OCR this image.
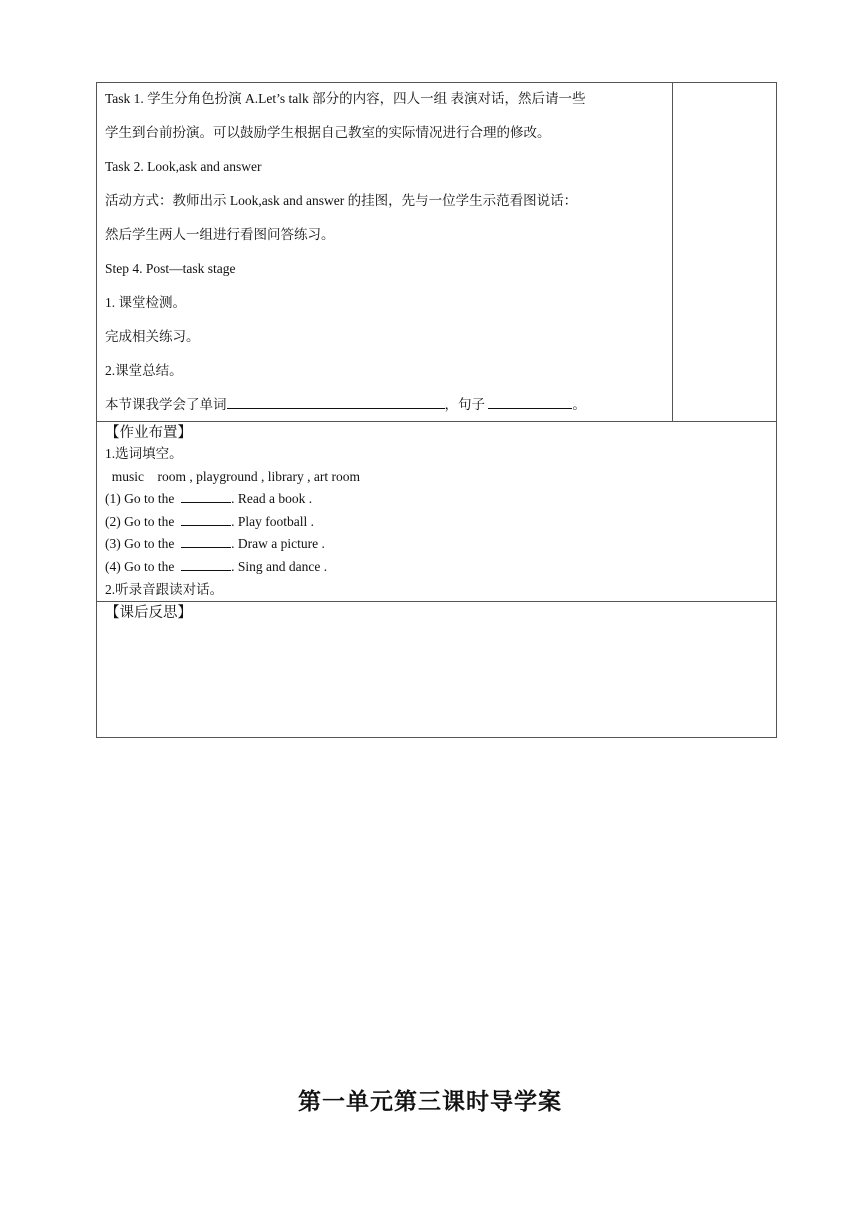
Task 1. 学生分角色扮演 A.Let’s talk 部分的内容，四人一组 表演对话，然后请一些

学生到台前扮演。可以鼓励学生根据自己教室的实际情况进行合理的修改。

Task 2. Look,ask and answer

活动方式：教师出示 Look,ask and answer 的挂图，先与一位学生示范看图说话：

然后学生两人一组进行看图问答练习。

Step 4. Post—task stage

1. 课堂检测。

完成相关练习。

2.课堂总结。

本节课我学会了单词	，句子	。

【作业布置】

1.选词填空。

music    room , playground , library , art room

(1) Go to the	. Read a book .

(2) Go to the	. Play football .

(3) Go to the	. Draw a picture .

(4) Go to the	. Sing and dance .

2.听录音跟读对话。

【课后反思】

第一单元第三课时导学案
